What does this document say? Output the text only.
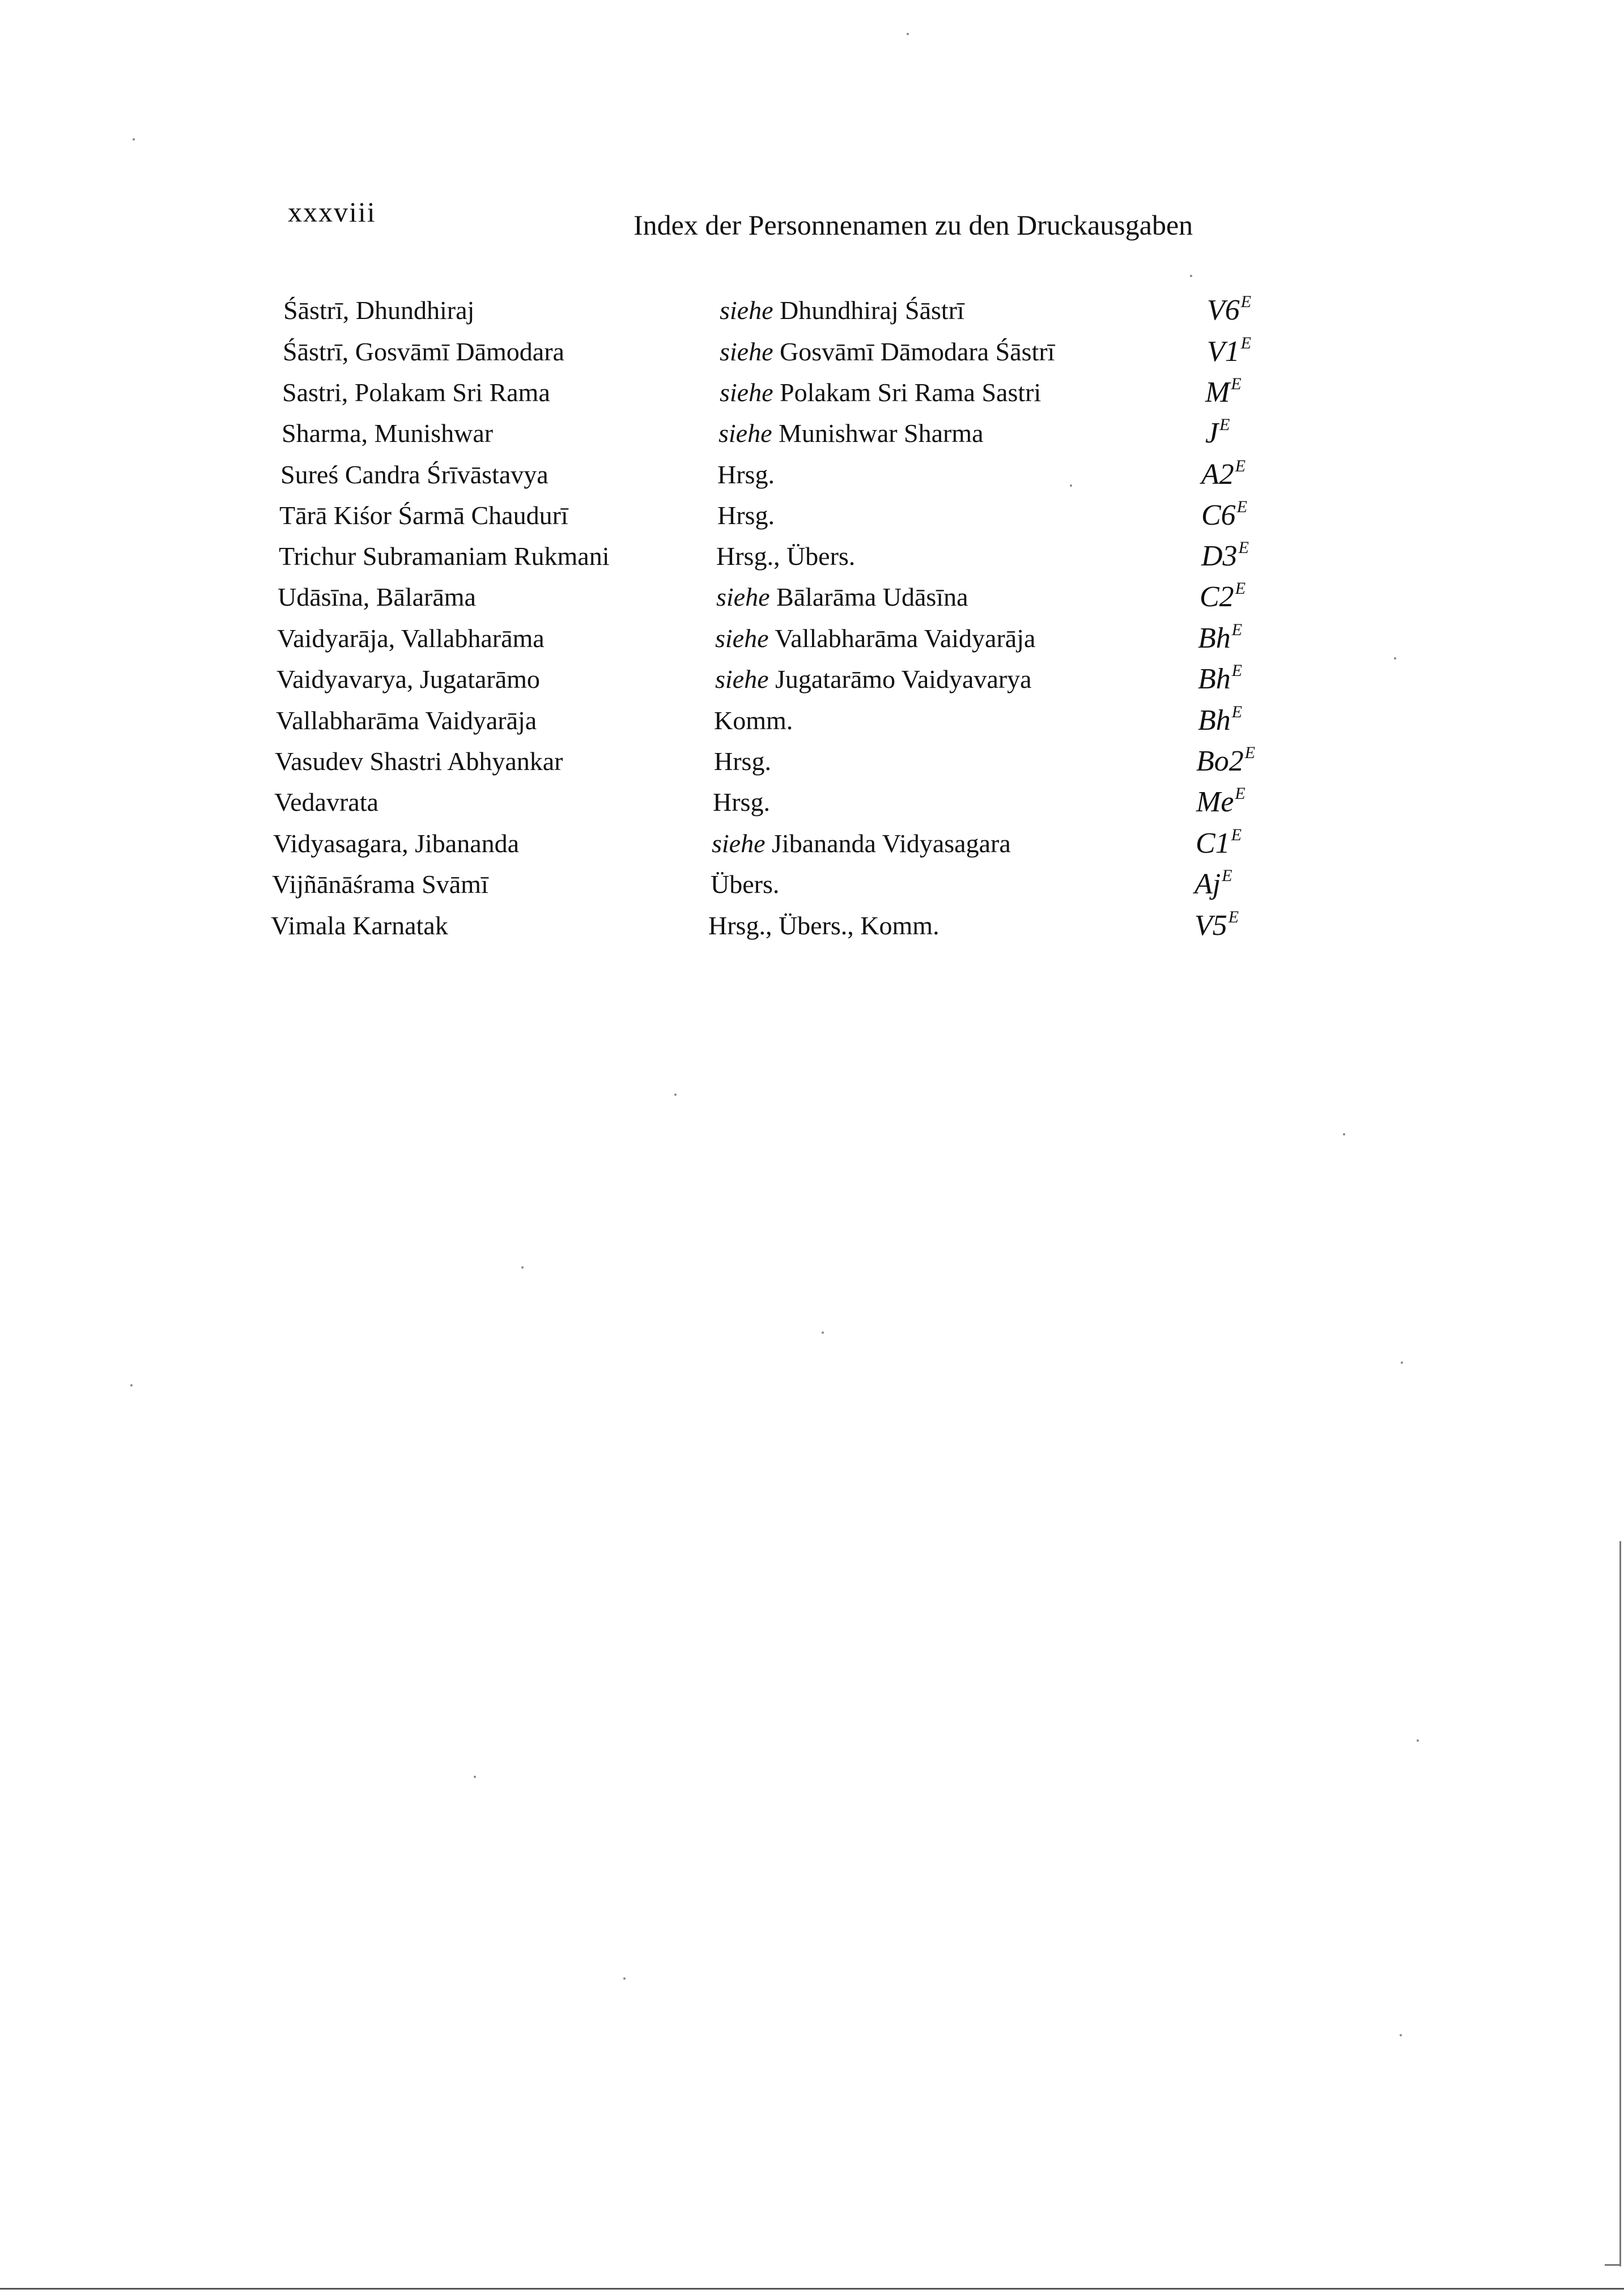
xxxviii	Index der Personnenamen zu den Druckausgaben
Śāstrī, Dhundhiraj	siehe Dhundhiraj Śāstrī	$V6^E$
Śāstrī, Gosvāmī Dāmodara	siehe Gosvāmī Dāmodara Śāstrī	$V1^E$
Sastri, Polakam Sri Rama	siehe Polakam Sri Rama Sastri	$M^E$
Sharma, Munishwar	siehe Munishwar Sharma	$J^E$
Sureś Candra Śrīvāstavya	Hrsg.	$A2^E$
Tārā Kiśor Śarmā Chaudurī	Hrsg.	$C6^E$
Trichur Subramaniam Rukmani	Hrsg., Übers.	$D3^E$
Udāsīna, Bālarāma	siehe Bālarāma Udāsīna	$C2^E$
Vaidyarāja, Vallabharāma	siehe Vallabharāma Vaidyarāja	$Bh^E$
Vaidyavarya, Jugatarāmo	siehe Jugatarāmo Vaidyavarya	$Bh^E$
Vallabharāma Vaidyarāja	Komm.	$Bh^E$
Vasudev Shastri Abhyankar	Hrsg.	$Bo2^E$
Vedavrata	Hrsg.	$Me^E$
Vidyasagara, Jibananda	siehe Jibananda Vidyasagara	$C1^E$
Vijñānāśrama Svāmī	Übers.	$Aj^E$
Vimala Karnatak	Hrsg., Übers., Komm.	$V5^E$
